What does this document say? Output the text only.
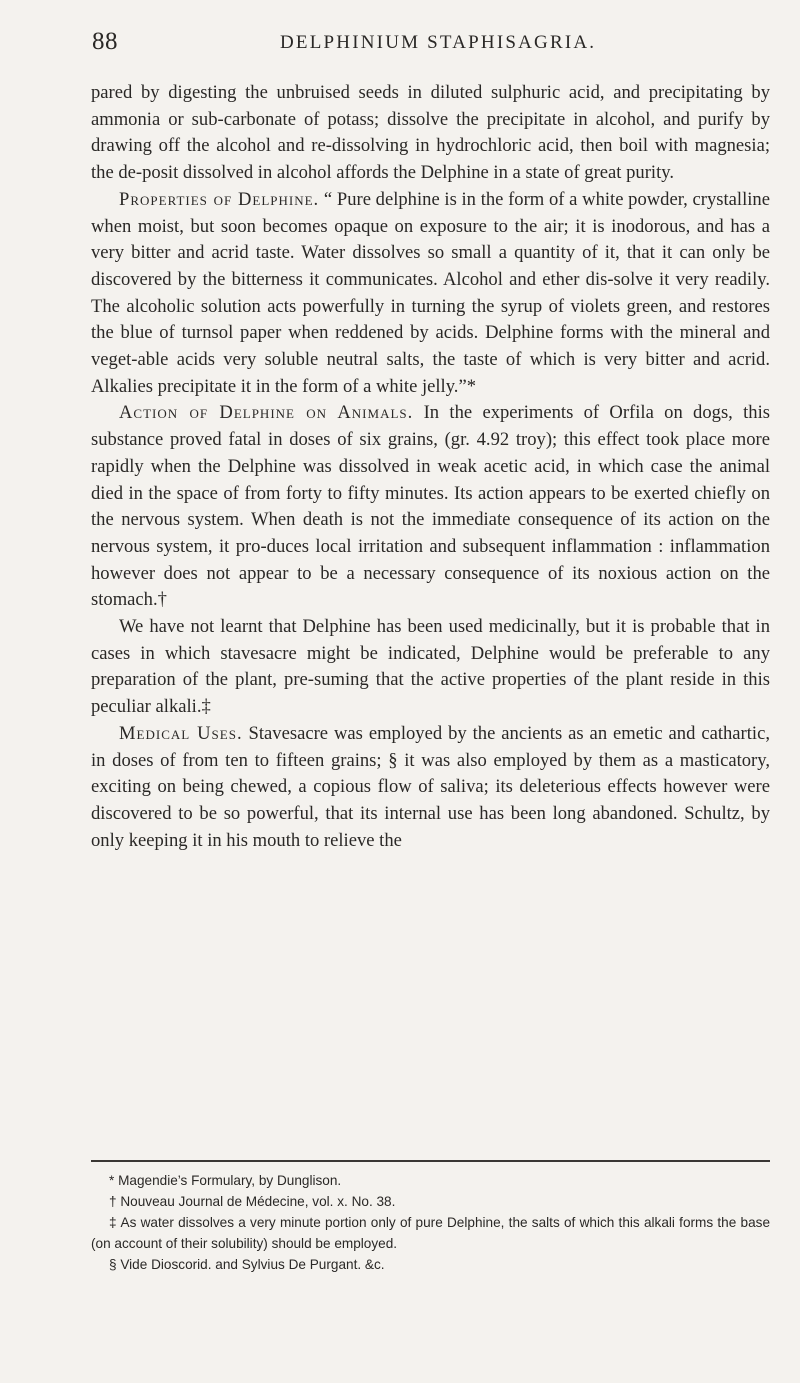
88	DELPHINIUM STAPHISAGRIA.

pared by digesting the unbruised seeds in diluted sulphuric acid, and precipitating by ammonia or sub-carbonate of potass; dissolve the precipitate in alcohol, and purify by drawing off the alcohol and re-dissolving in hydrochloric acid, then boil with magnesia; the de-posit dissolved in alcohol affords the Delphine in a state of great purity.

Properties of Delphine. “ Pure delphine is in the form of a white powder, crystalline when moist, but soon becomes opaque on exposure to the air; it is inodorous, and has a very bitter and acrid taste. Water dissolves so small a quantity of it, that it can only be discovered by the bitterness it communicates. Alcohol and ether dis-solve it very readily. The alcoholic solution acts powerfully in turning the syrup of violets green, and restores the blue of turnsol paper when reddened by acids. Delphine forms with the mineral and veget-able acids very soluble neutral salts, the taste of which is very bitter and acrid. Alkalies precipitate it in the form of a white jelly.”*

Action of Delphine on Animals. In the experiments of Orfila on dogs, this substance proved fatal in doses of six grains, (gr. 4.92 troy); this effect took place more rapidly when the Delphine was dissolved in weak acetic acid, in which case the animal died in the space of from forty to fifty minutes. Its action appears to be exerted chiefly on the nervous system. When death is not the immediate consequence of its action on the nervous system, it pro-duces local irritation and subsequent inflammation : inflammation however does not appear to be a necessary consequence of its noxious action on the stomach.†

We have not learnt that Delphine has been used medicinally, but it is probable that in cases in which stavesacre might be indicated, Delphine would be preferable to any preparation of the plant, pre-suming that the active properties of the plant reside in this peculiar alkali.‡

Medical Uses. Stavesacre was employed by the ancients as an emetic and cathartic, in doses of from ten to fifteen grains; § it was also employed by them as a masticatory, exciting on being chewed, a copious flow of saliva; its deleterious effects however were discovered to be so powerful, that its internal use has been long abandoned. Schultz, by only keeping it in his mouth to relieve the

* Magendie’s Formulary, by Dunglison.

† Nouveau Journal de Médecine, vol. x. No. 38.

‡ As water dissolves a very minute portion only of pure Delphine, the salts of which this alkali forms the base (on account of their solubility) should be employed.

§ Vide Dioscorid. and Sylvius De Purgant. &c.
